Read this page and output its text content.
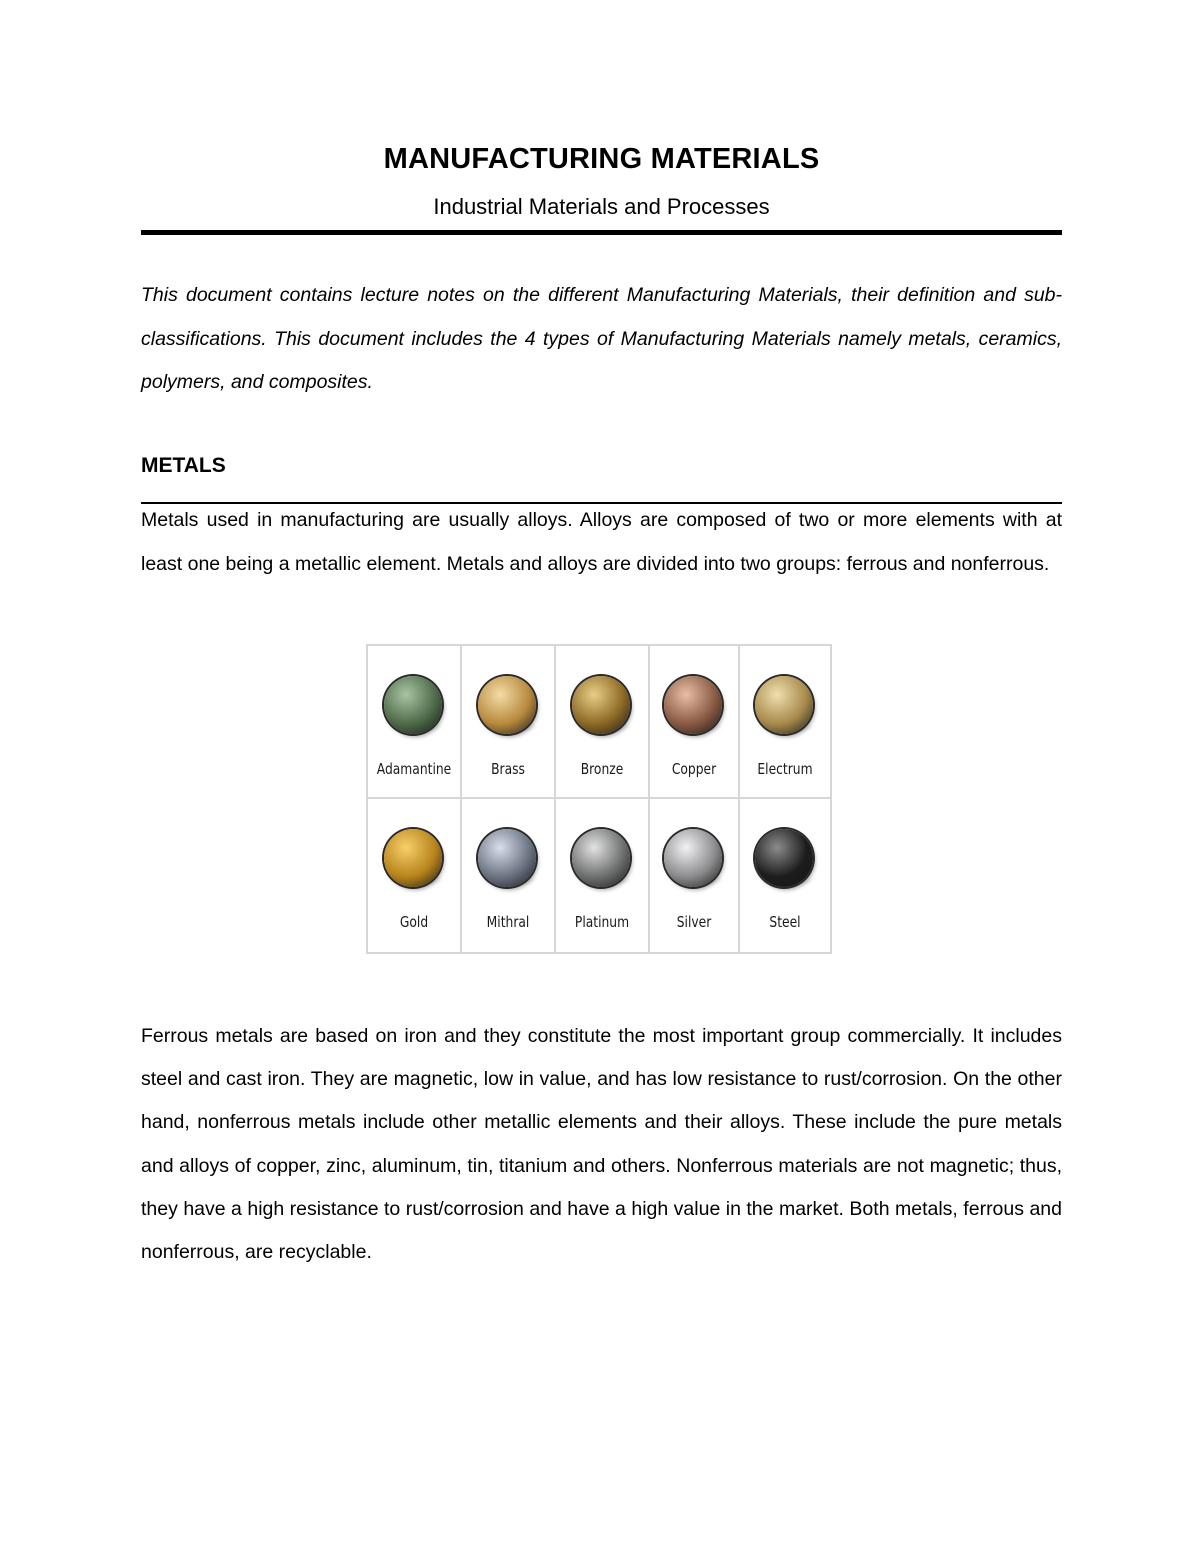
MANUFACTURING MATERIALS
Industrial Materials and Processes

This document contains lecture notes on the different Manufacturing Materials, their definition and sub-classifications. This document includes the 4 types of Manufacturing Materials namely metals, ceramics, polymers, and composites.

METALS

Metals used in manufacturing are usually alloys. Alloys are composed of two or more elements with at least one being a metallic element. Metals and alloys are divided into two groups: ferrous and nonferrous.

Adamantine	Brass	Bronze	Copper	Electrum
Gold	Mithral	Platinum	Silver	Steel

Ferrous metals are based on iron and they constitute the most important group commercially. It includes steel and cast iron. They are magnetic, low in value, and has low resistance to rust/corrosion. On the other hand, nonferrous metals include other metallic elements and their alloys. These include the pure metals and alloys of copper, zinc, aluminum, tin, titanium and others. Nonferrous materials are not magnetic; thus, they have a high resistance to rust/corrosion and have a high value in the market. Both metals, ferrous and nonferrous, are recyclable.
